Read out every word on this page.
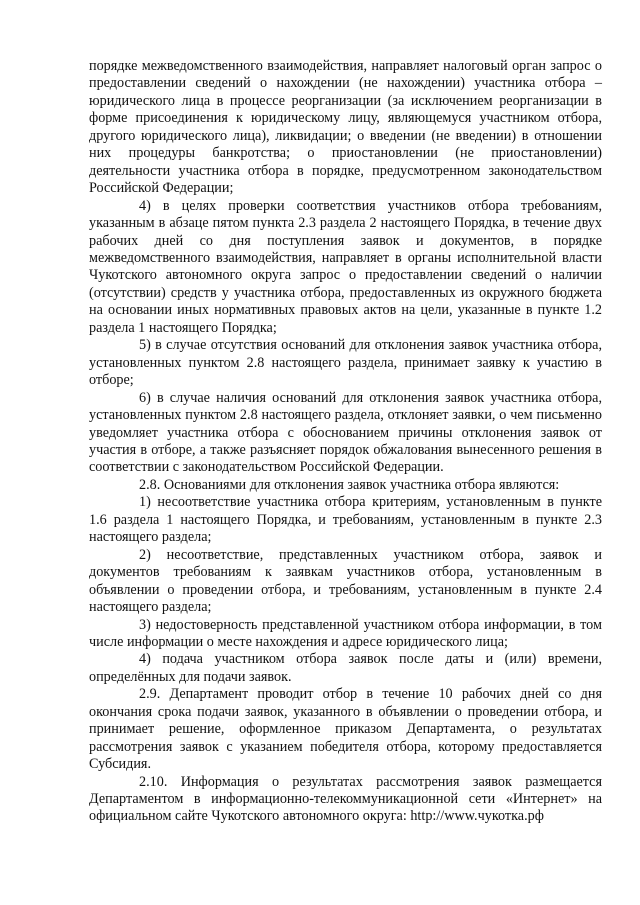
порядке межведомственного взаимодействия, направляет налоговый орган запрос о предоставлении сведений о нахождении (не нахождении) участника отбора – юридического лица в процессе реорганизации (за исключением реорганизации в форме присоединения к юридическому лицу, являющемуся участником отбора, другого юридического лица), ликвидации; о введении (не введении) в отношении них процедуры банкротства; о приостановлении (не приостановлении) деятельности участника отбора в порядке, предусмотренном законодательством Российской Федерации;

4) в целях проверки соответствия участников отбора требованиям, указанным в абзаце пятом пункта 2.3 раздела 2 настоящего Порядка, в течение двух рабочих дней со дня поступления заявок и документов, в порядке межведомственного взаимодействия, направляет в органы исполнительной власти Чукотского автономного округа запрос о предоставлении сведений о наличии (отсутствии) средств у участника отбора, предоставленных из окружного бюджета на основании иных нормативных правовых актов на цели, указанные в пункте 1.2 раздела 1 настоящего Порядка;

5) в случае отсутствия оснований для отклонения заявок участника отбора, установленных пунктом 2.8 настоящего раздела, принимает заявку к участию в отборе;

6) в случае наличия оснований для отклонения заявок участника отбора, установленных пунктом 2.8 настоящего раздела, отклоняет заявки, о чем письменно уведомляет участника отбора с обоснованием причины отклонения заявок от участия в отборе, а также разъясняет порядок обжалования вынесенного решения в соответствии с законодательством Российской Федерации.

2.8. Основаниями для отклонения заявок участника отбора являются:

1) несоответствие участника отбора критериям, установленным в пункте 1.6 раздела 1 настоящего Порядка, и требованиям, установленным в пункте 2.3 настоящего раздела;

2) несоответствие, представленных участником отбора, заявок и документов требованиям к заявкам участников отбора, установленным в объявлении о проведении отбора, и требованиям, установленным в пункте 2.4 настоящего раздела;

3) недостоверность представленной участником отбора информации, в том числе информации о месте нахождения и адресе юридического лица;

4) подача участником отбора заявок после даты и (или) времени, определённых для подачи заявок.

2.9. Департамент проводит отбор в течение 10 рабочих дней со дня окончания срока подачи заявок, указанного в объявлении о проведении отбора, и принимает решение, оформленное приказом Департамента, о результатах рассмотрения заявок с указанием победителя отбора, которому предоставляется Субсидия.

2.10. Информация о результатах рассмотрения заявок размещается Департаментом в информационно-телекоммуникационной сети «Интернет» на официальном сайте Чукотского автономного округа: http://www.чукотка.рф
